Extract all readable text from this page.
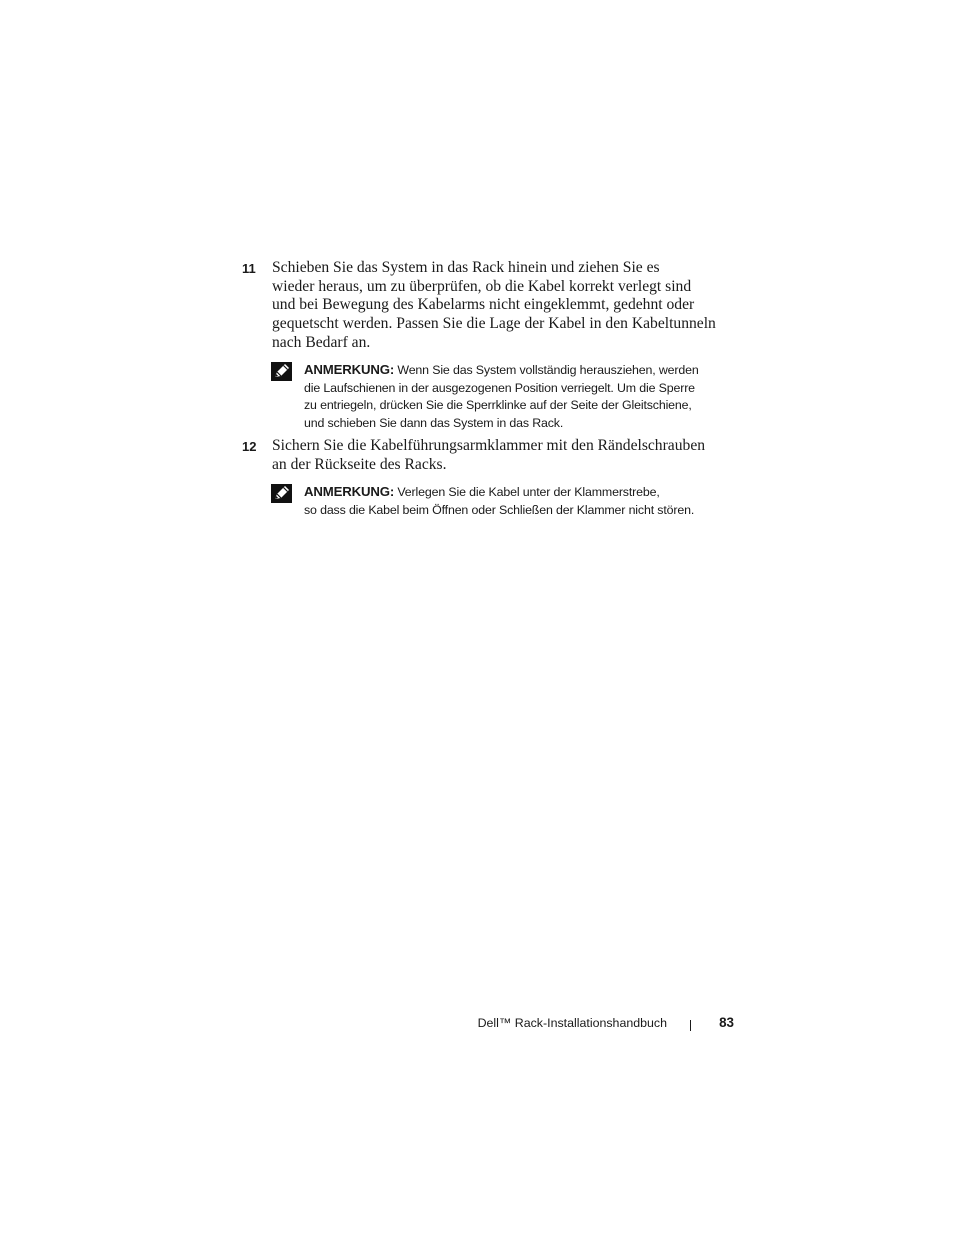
11 Schieben Sie das System in das Rack hinein und ziehen Sie es
wieder heraus, um zu überprüfen, ob die Kabel korrekt verlegt sind
und bei Bewegung des Kabelarms nicht eingeklemmt, gedehnt oder
gequetscht werden. Passen Sie die Lage der Kabel in den Kabeltunneln
nach Bedarf an.
ANMERKUNG: Wenn Sie das System vollständig herausziehen, werden
die Laufschienen in der ausgezogenen Position verriegelt. Um die Sperre
zu entriegeln, drücken Sie die Sperrklinke auf der Seite der Gleitschiene,
und schieben Sie dann das System in das Rack.
12 Sichern Sie die Kabelführungsarmklammer mit den Rändelschrauben
an der Rückseite des Racks.
ANMERKUNG: Verlegen Sie die Kabel unter der Klammerstrebe,
so dass die Kabel beim Öffnen oder Schließen der Klammer nicht stören.
Dell™ Rack-Installationshandbuch	83
